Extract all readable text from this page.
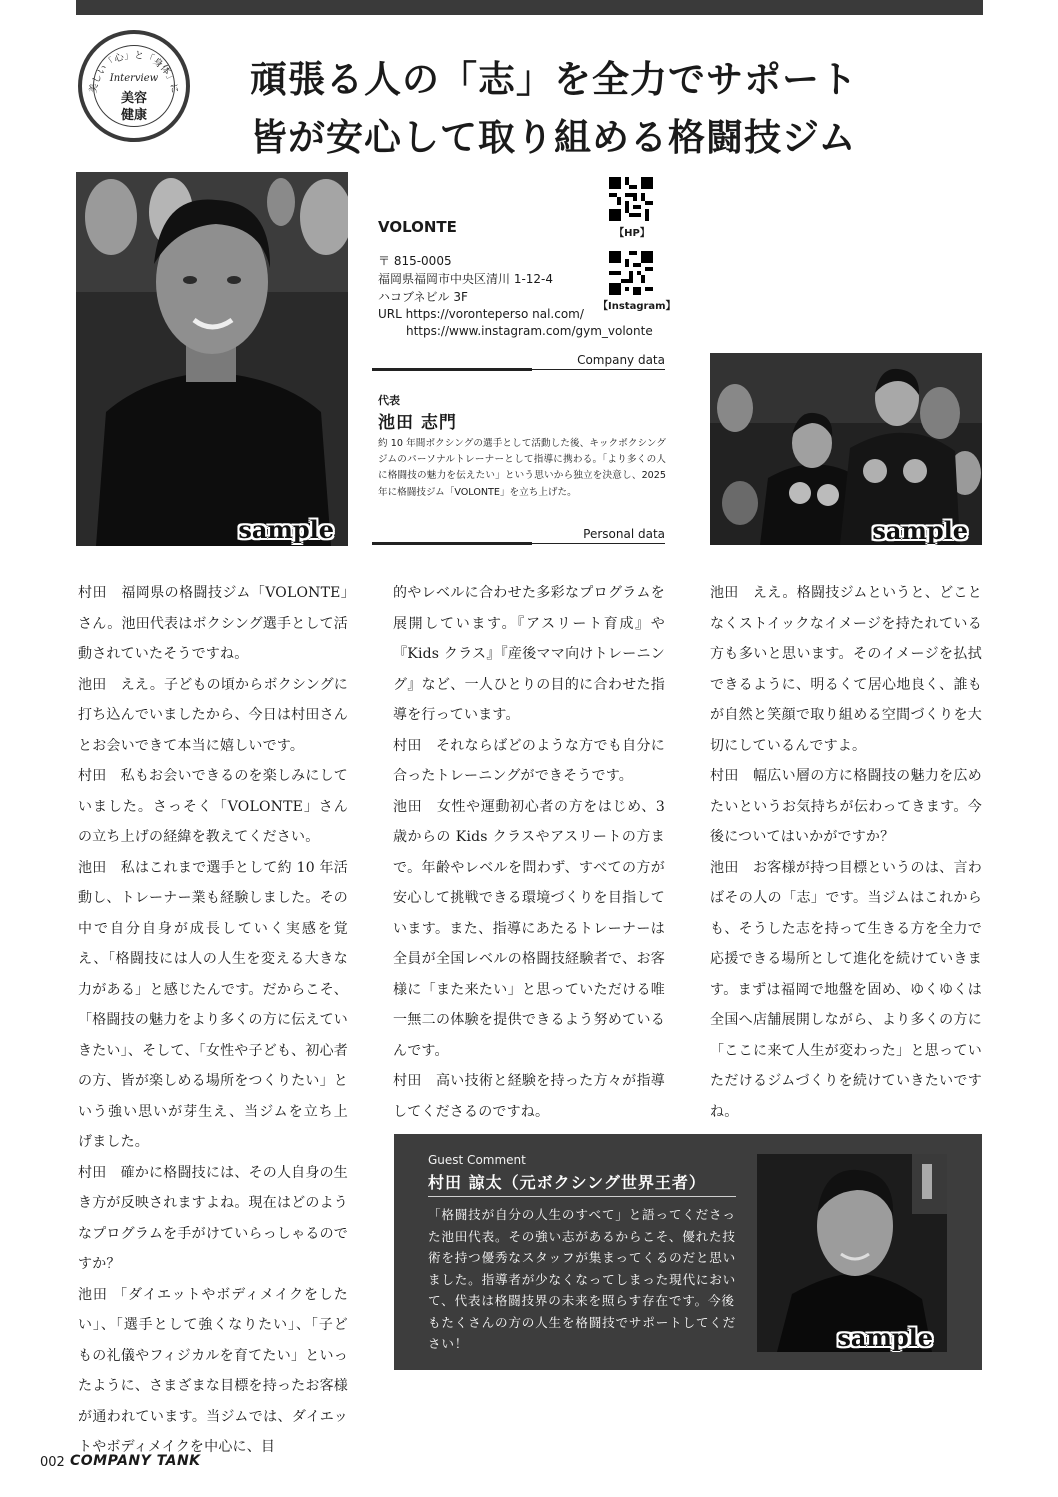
美しい「心」と「身体」に
Interview
美容
健康
頑張る人の「志」を全力でサポート
皆が安心して取り組める格闘技ジム
sample
VOLONTE
〒 815-0005
福岡県福岡市中央区清川 1-12-4
ハコブネビル 3F
URL https://voronteperso nal.com/
https://www.instagram.com/gym_volonte
【HP】
【Instagram】
Company data
代表
池田 志門
約 10 年間ボクシングの選手として活動した後、キックボクシングジムのパーソナルトレーナーとして指導に携わる。「より多くの人に格闘技の魅力を伝えたい」という思いから独立を決意し、2025 年に格闘技ジム「VOLONTE」を立ち上げた。
Personal data	sample

村田　福岡県の格闘技ジム「VOLONTE」さん。池田代表はボクシング選手として活動されていたそうですね。

池田　ええ。子どもの頃からボクシングに打ち込んでいましたから、今日は村田さんとお会いできて本当に嬉しいです。

村田　私もお会いできるのを楽しみにしていました。さっそく「VOLONTE」さんの立ち上げの経緯を教えてください。

池田　私はこれまで選手として約 10 年活動し、トレーナー業も経験しました。その中で自分自身が成長していく実感を覚え、「格闘技には人の人生を変える大きな力がある」と感じたんです。だからこそ、「格闘技の魅力をより多くの方に伝えていきたい」、そして、「女性や子ども、初心者の方、皆が楽しめる場所をつくりたい」という強い思いが芽生え、当ジムを立ち上げました。

村田　確かに格闘技には、その人自身の生き方が反映されますよね。現在はどのようなプログラムを手がけていらっしゃるのですか？

池田 「ダイエットやボディメイクをしたい」、「選手として強くなりたい」、「子どもの礼儀やフィジカルを育てたい」といったように、さまざまな目標を持ったお客様が通われています。当ジムでは、ダイエットやボディメイクを中心に、目

的やレベルに合わせた多彩なプログラムを展開しています。『アスリート育成』や『Kids クラス』『産後ママ向けトレーニング』など、一人ひとりの目的に合わせた指導を行っています。

村田　それならばどのような方でも自分に合ったトレーニングができそうです。

池田　女性や運動初心者の方をはじめ、3 歳からの Kids クラスやアスリートの方まで。年齢やレベルを問わず、すべての方が安心して挑戦できる環境づくりを目指しています。また、指導にあたるトレーナーは全員が全国レベルの格闘技経験者で、お客様に「また来たい」と思っていただける唯一無二の体験を提供できるよう努めているんです。

村田　高い技術と経験を持った方々が指導してくださるのですね。

池田　ええ。格闘技ジムというと、どことなくストイックなイメージを持たれている方も多いと思います。そのイメージを払拭できるように、明るくて居心地良く、誰もが自然と笑顔で取り組める空間づくりを大切にしているんですよ。

村田　幅広い層の方に格闘技の魅力を広めたいというお気持ちが伝わってきます。今後についてはいかがですか？

池田　お客様が持つ目標というのは、言わばその人の「志」です。当ジムはこれからも、そうした志を持って生きる方を全力で応援できる場所として進化を続けていきます。まずは福岡で地盤を固め、ゆくゆくは全国へ店舗展開しながら、より多くの方に「ここに来て人生が変わった」と思っていただけるジムづくりを続けていきたいですね。

Guest Comment
村田 諒太（元ボクシング世界王者）
「格闘技が自分の人生のすべて」と語ってくださった池田代表。その強い志があるからこそ、優れた技術を持つ優秀なスタッフが集まってくるのだと思いました。指導者が少なくなってしまった現代において、代表は格闘技界の未来を照らす存在です。今後もたくさんの方の人生を格闘技でサポートしてください！	sample
002 COMPANY TANK
